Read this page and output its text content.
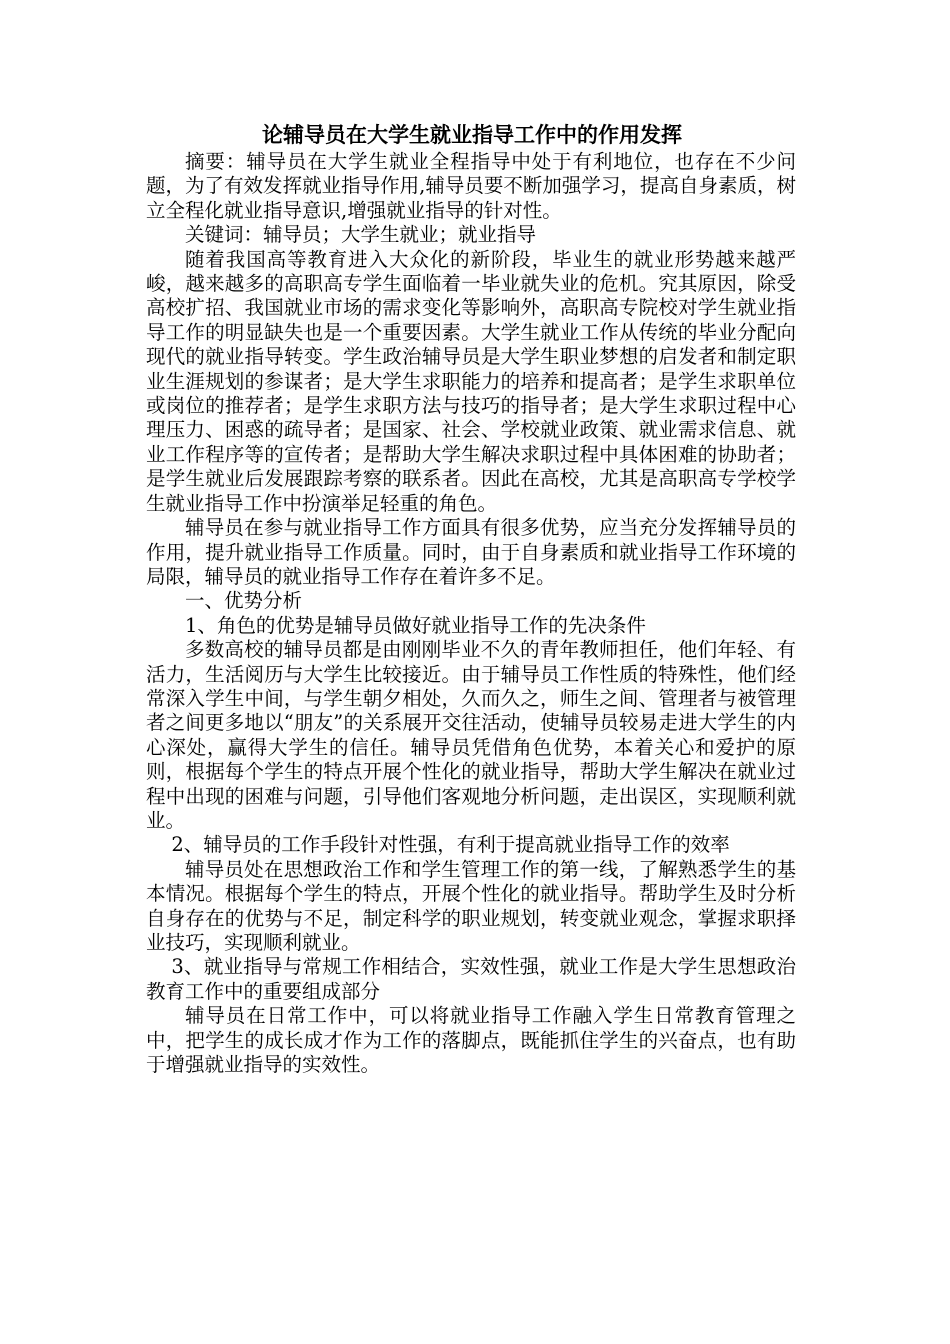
论辅导员在大学生就业指导工作中的作用发挥

摘要：辅导员在大学生就业全程指导中处于有利地位，也存在不少问题，为了有效发挥就业指导作用,辅导员要不断加强学习，提高自身素质，树立全程化就业指导意识,增强就业指导的针对性。

关键词：辅导员；大学生就业；就业指导

随着我国高等教育进入大众化的新阶段，毕业生的就业形势越来越严峻，越来越多的高职高专学生面临着一毕业就失业的危机。究其原因，除受高校扩招、我国就业市场的需求变化等影响外，高职高专院校对学生就业指导工作的明显缺失也是一个重要因素。大学生就业工作从传统的毕业分配向现代的就业指导转变。学生政治辅导员是大学生职业梦想的启发者和制定职业生涯规划的参谋者；是大学生求职能力的培养和提高者；是学生求职单位或岗位的推荐者；是学生求职方法与技巧的指导者；是大学生求职过程中心理压力、困惑的疏导者；是国家、社会、学校就业政策、就业需求信息、就业工作程序等的宣传者；是帮助大学生解决求职过程中具体困难的协助者；是学生就业后发展跟踪考察的联系者。因此在高校，尤其是高职高专学校学生就业指导工作中扮演举足轻重的角色。

辅导员在参与就业指导工作方面具有很多优势，应当充分发挥辅导员的作用，提升就业指导工作质量。同时，由于自身素质和就业指导工作环境的局限，辅导员的就业指导工作存在着许多不足。

一、优势分析

1、角色的优势是辅导员做好就业指导工作的先决条件

多数高校的辅导员都是由刚刚毕业不久的青年教师担任，他们年轻、有活力，生活阅历与大学生比较接近。由于辅导员工作性质的特殊性，他们经常深入学生中间，与学生朝夕相处，久而久之，师生之间、管理者与被管理者之间更多地以“朋友”的关系展开交往活动，使辅导员较易走进大学生的内心深处，赢得大学生的信任。辅导员凭借角色优势，本着关心和爱护的原则，根据每个学生的特点开展个性化的就业指导，帮助大学生解决在就业过程中出现的困难与问题，引导他们客观地分析问题，走出误区，实现顺利就业。

2、辅导员的工作手段针对性强，有利于提高就业指导工作的效率

辅导员处在思想政治工作和学生管理工作的第一线，了解熟悉学生的基本情况。根据每个学生的特点，开展个性化的就业指导。帮助学生及时分析自身存在的优势与不足，制定科学的职业规划，转变就业观念，掌握求职择业技巧，实现顺利就业。

3、就业指导与常规工作相结合，实效性强，就业工作是大学生思想政治教育工作中的重要组成部分

辅导员在日常工作中，可以将就业指导工作融入学生日常教育管理之中，把学生的成长成才作为工作的落脚点，既能抓住学生的兴奋点，也有助于增强就业指导的实效性。
